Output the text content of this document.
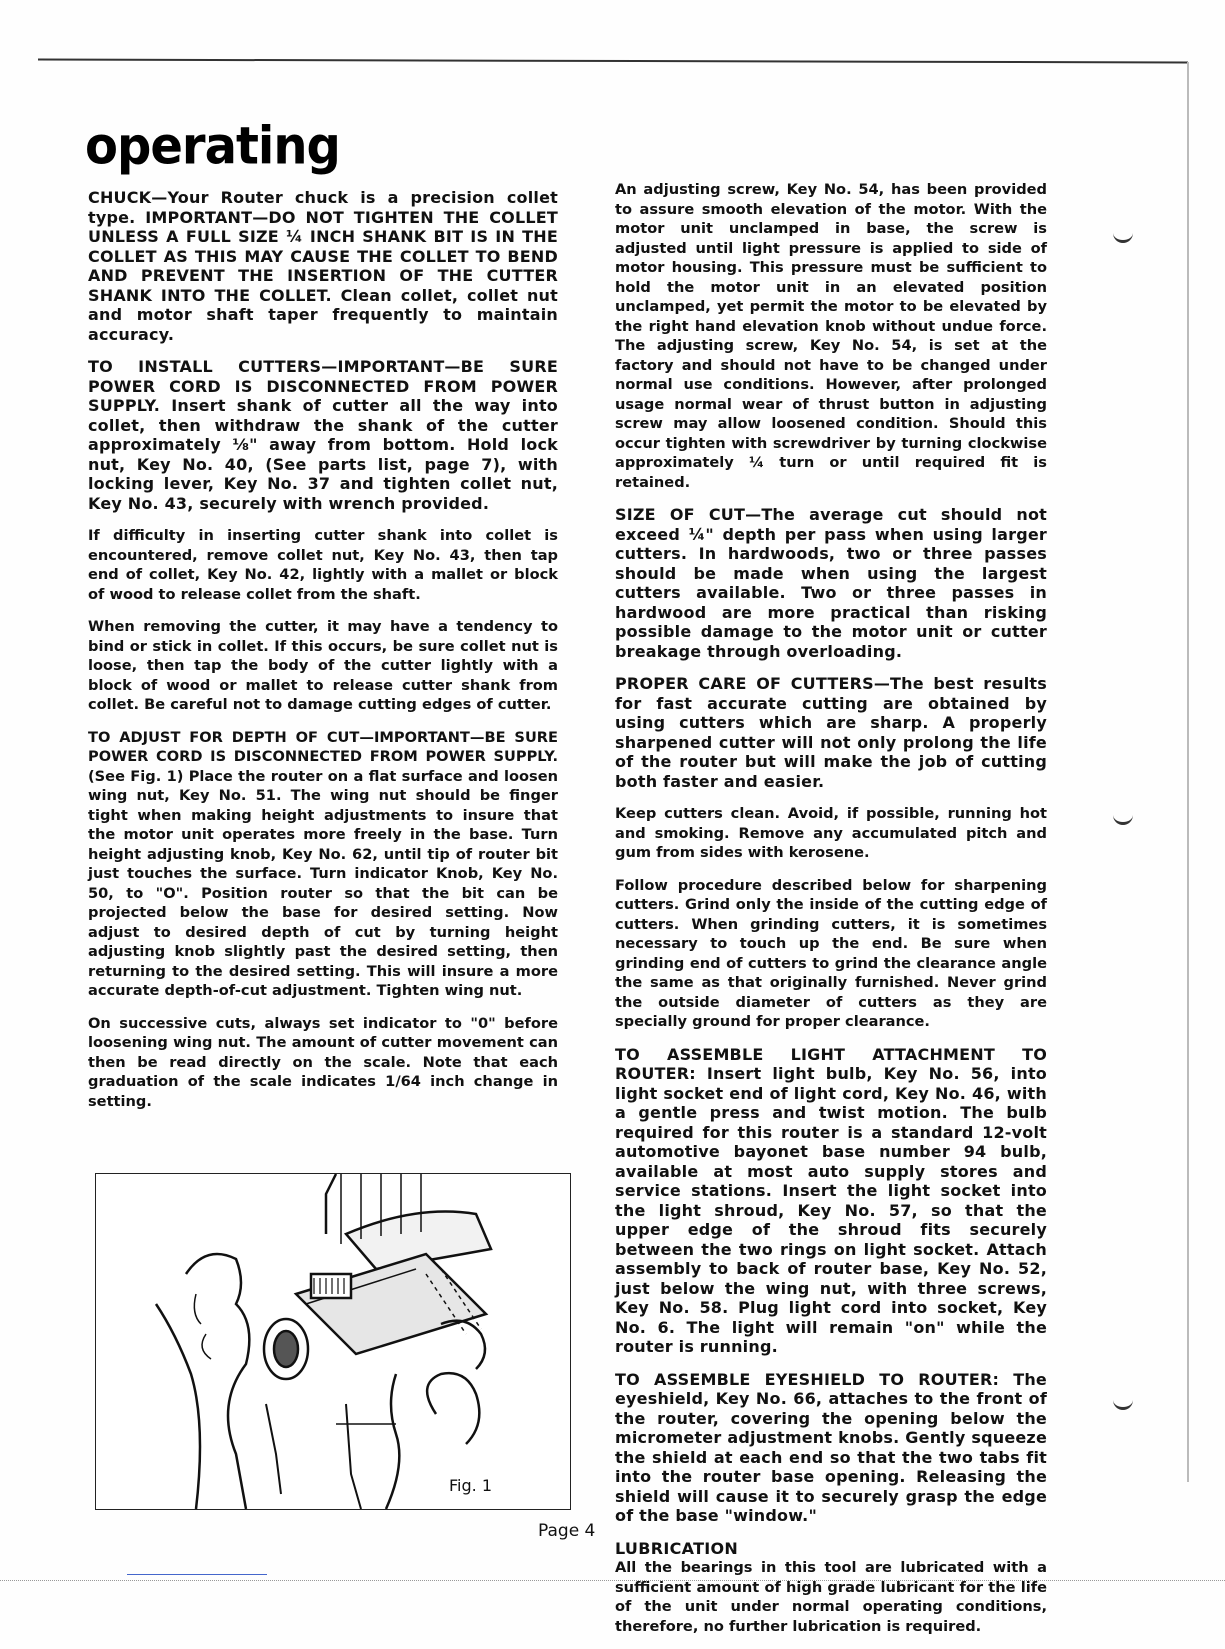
operating

CHUCK—Your Router chuck is a precision collet type. IMPORTANT—DO NOT TIGHTEN THE COLLET UNLESS A FULL SIZE ¼ INCH SHANK BIT IS IN THE COLLET AS THIS MAY CAUSE THE COLLET TO BEND AND PREVENT THE INSERTION OF THE CUTTER SHANK INTO THE COLLET. Clean collet, collet nut and motor shaft taper frequently to maintain accuracy.

TO INSTALL CUTTERS—IMPORTANT—BE SURE POWER CORD IS DISCONNECTED FROM POWER SUPPLY. Insert shank of cutter all the way into collet, then withdraw the shank of the cutter approximately ⅛" away from bottom. Hold lock nut, Key No. 40, (See parts list, page 7), with locking lever, Key No. 37 and tighten collet nut, Key No. 43, securely with wrench provided.

If difficulty in inserting cutter shank into collet is encountered, remove collet nut, Key No. 43, then tap end of collet, Key No. 42, lightly with a mallet or block of wood to release collet from the shaft.

When removing the cutter, it may have a tendency to bind or stick in collet. If this occurs, be sure collet nut is loose, then tap the body of the cutter lightly with a block of wood or mallet to release cutter shank from collet. Be careful not to damage cutting edges of cutter.

TO ADJUST FOR DEPTH OF CUT—IMPORTANT—BE SURE POWER CORD IS DISCONNECTED FROM POWER SUPPLY. (See Fig. 1) Place the router on a flat surface and loosen wing nut, Key No. 51. The wing nut should be finger tight when making height adjustments to insure that the motor unit operates more freely in the base. Turn height adjusting knob, Key No. 62, until tip of router bit just touches the surface. Turn indicator Knob, Key No. 50, to "O". Position router so that the bit can be projected below the base for desired setting. Now adjust to desired depth of cut by turning height adjusting knob slightly past the desired setting, then returning to the desired setting. This will insure a more accurate depth-of-cut adjustment. Tighten wing nut.

On successive cuts, always set indicator to "0" before loosening wing nut. The amount of cutter movement can then be read directly on the scale. Note that each graduation of the scale indicates 1/64 inch change in setting.

Fig. 1

An adjusting screw, Key No. 54, has been provided to assure smooth elevation of the motor. With the motor unit unclamped in base, the screw is adjusted until light pressure is applied to side of motor housing. This pressure must be sufficient to hold the motor unit in an elevated position unclamped, yet permit the motor to be elevated by the right hand elevation knob without undue force. The adjusting screw, Key No. 54, is set at the factory and should not have to be changed under normal use conditions. However, after prolonged usage normal wear of thrust button in adjusting screw may allow loosened condition. Should this occur tighten with screwdriver by turning clockwise approximately ¼ turn or until required fit is retained.

SIZE OF CUT—The average cut should not exceed ¼" depth per pass when using larger cutters. In hardwoods, two or three passes should be made when using the largest cutters available. Two or three passes in hardwood are more practical than risking possible damage to the motor unit or cutter breakage through overloading.

PROPER CARE OF CUTTERS—The best results for fast accurate cutting are obtained by using cutters which are sharp. A properly sharpened cutter will not only prolong the life of the router but will make the job of cutting both faster and easier.

Keep cutters clean. Avoid, if possible, running hot and smoking. Remove any accumulated pitch and gum from sides with kerosene.

Follow procedure described below for sharpening cutters. Grind only the inside of the cutting edge of cutters. When grinding cutters, it is sometimes necessary to touch up the end. Be sure when grinding end of cutters to grind the clearance angle the same as that originally furnished. Never grind the outside diameter of cutters as they are specially ground for proper clearance.

TO ASSEMBLE LIGHT ATTACHMENT TO ROUTER: Insert light bulb, Key No. 56, into light socket end of light cord, Key No. 46, with a gentle press and twist motion. The bulb required for this router is a standard 12-volt automotive bayonet base number 94 bulb, available at most auto supply stores and service stations. Insert the light socket into the light shroud, Key No. 57, so that the upper edge of the shroud fits securely between the two rings on light socket. Attach assembly to back of router base, Key No. 52, just below the wing nut, with three screws, Key No. 58. Plug light cord into socket, Key No. 6. The light will remain "on" while the router is running.

TO ASSEMBLE EYESHIELD TO ROUTER: The eyeshield, Key No. 66, attaches to the front of the router, covering the opening below the micrometer adjustment knobs. Gently squeeze the shield at each end so that the two tabs fit into the router base opening. Releasing the shield will cause it to securely grasp the edge of the base "window."

LUBRICATION

All the bearings in this tool are lubricated with a sufficient amount of high grade lubricant for the life of the unit under normal operating conditions, therefore, no further lubrication is required.

Page 4
